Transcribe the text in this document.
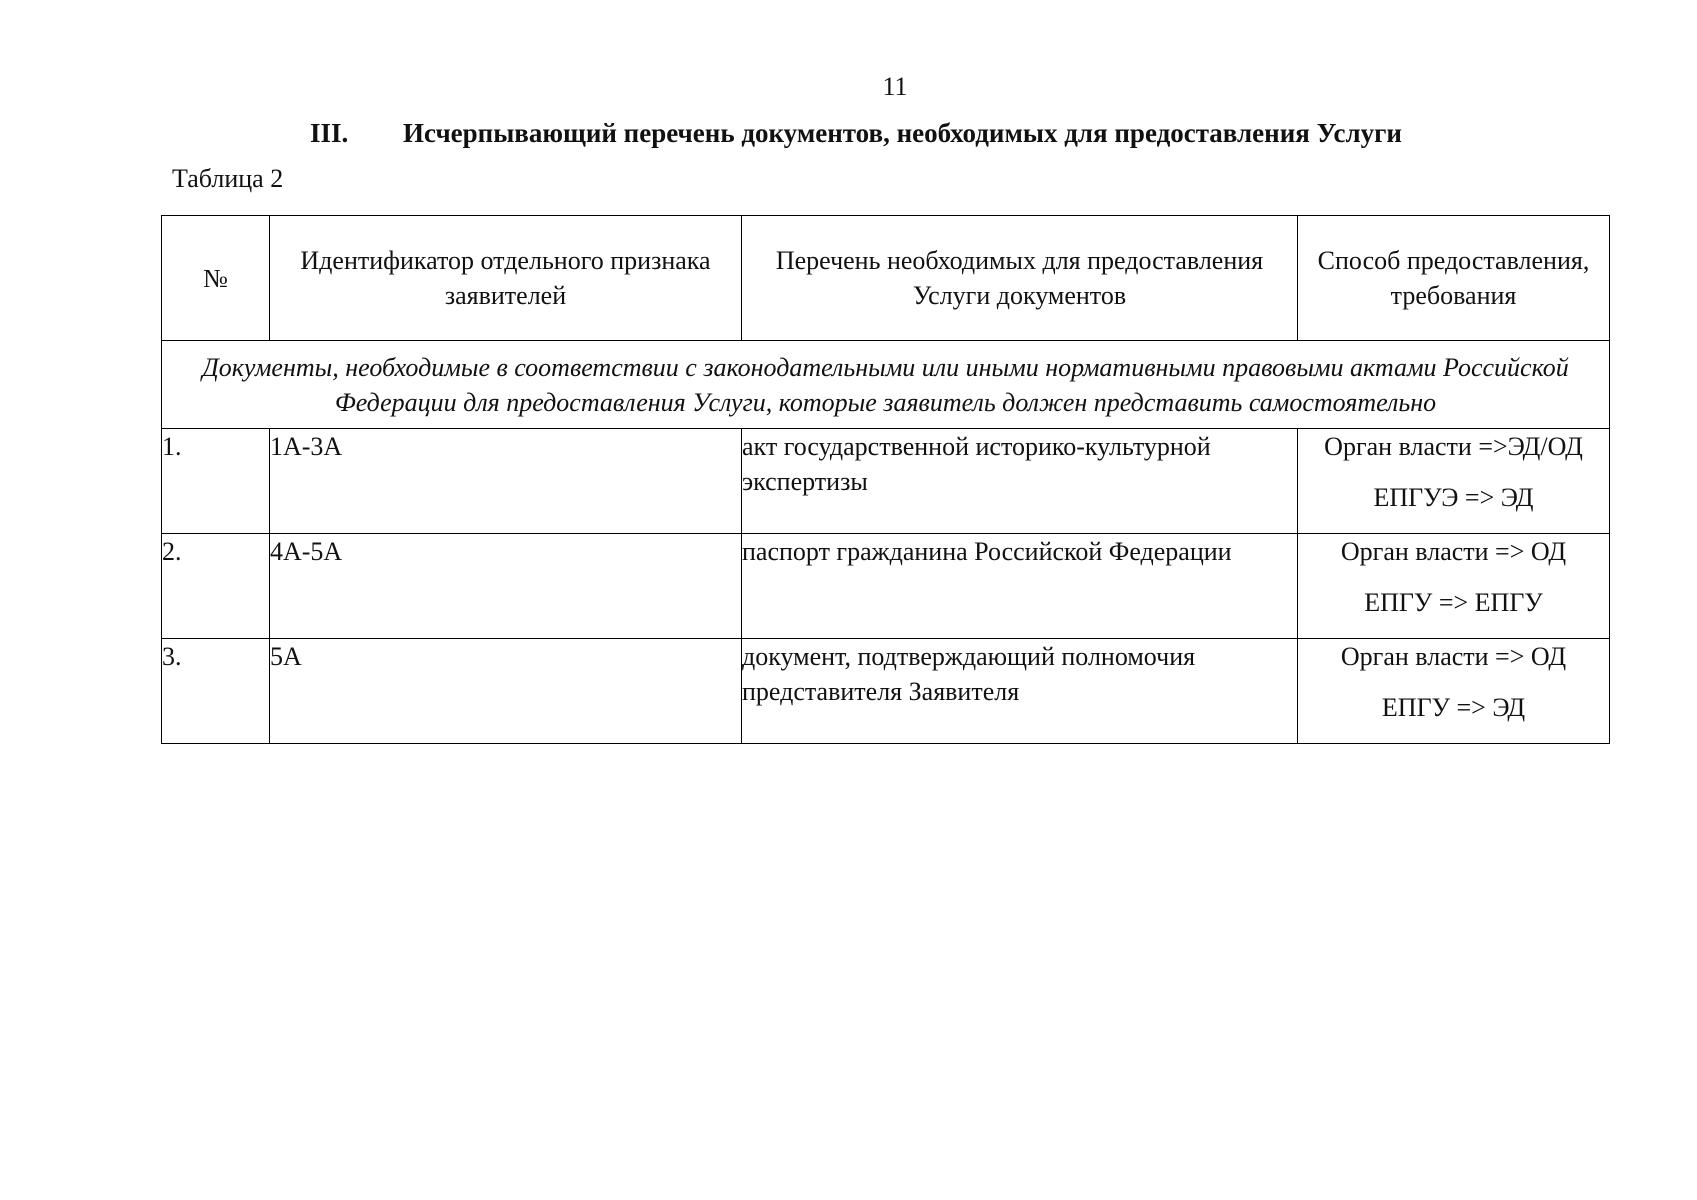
11
III. Исчерпывающий перечень документов, необходимых для предоставления Услуги
Таблица 2
№	Идентификатор отдельного признака заявителей	Перечень необходимых для предоставления Услуги документов	Способ предоставления, требования
Документы, необходимые в соответствии с законодательными или иными нормативными правовыми актами Российской Федерации для предоставления Услуги, которые заявитель должен представить самостоятельно			
1.	1А-3А	акт государственной историко-культурной экспертизы	Орган власти =>ЭД/ОД
ЕПГУЭ => ЭД

2.	4А-5А	паспорт гражданина Российской Федерации	Орган власти => ОД
ЕПГУ => ЕПГУ

3.	5А	документ, подтверждающий полномочия представителя Заявителя	Орган власти => ОД
ЕПГУ => ЭД
